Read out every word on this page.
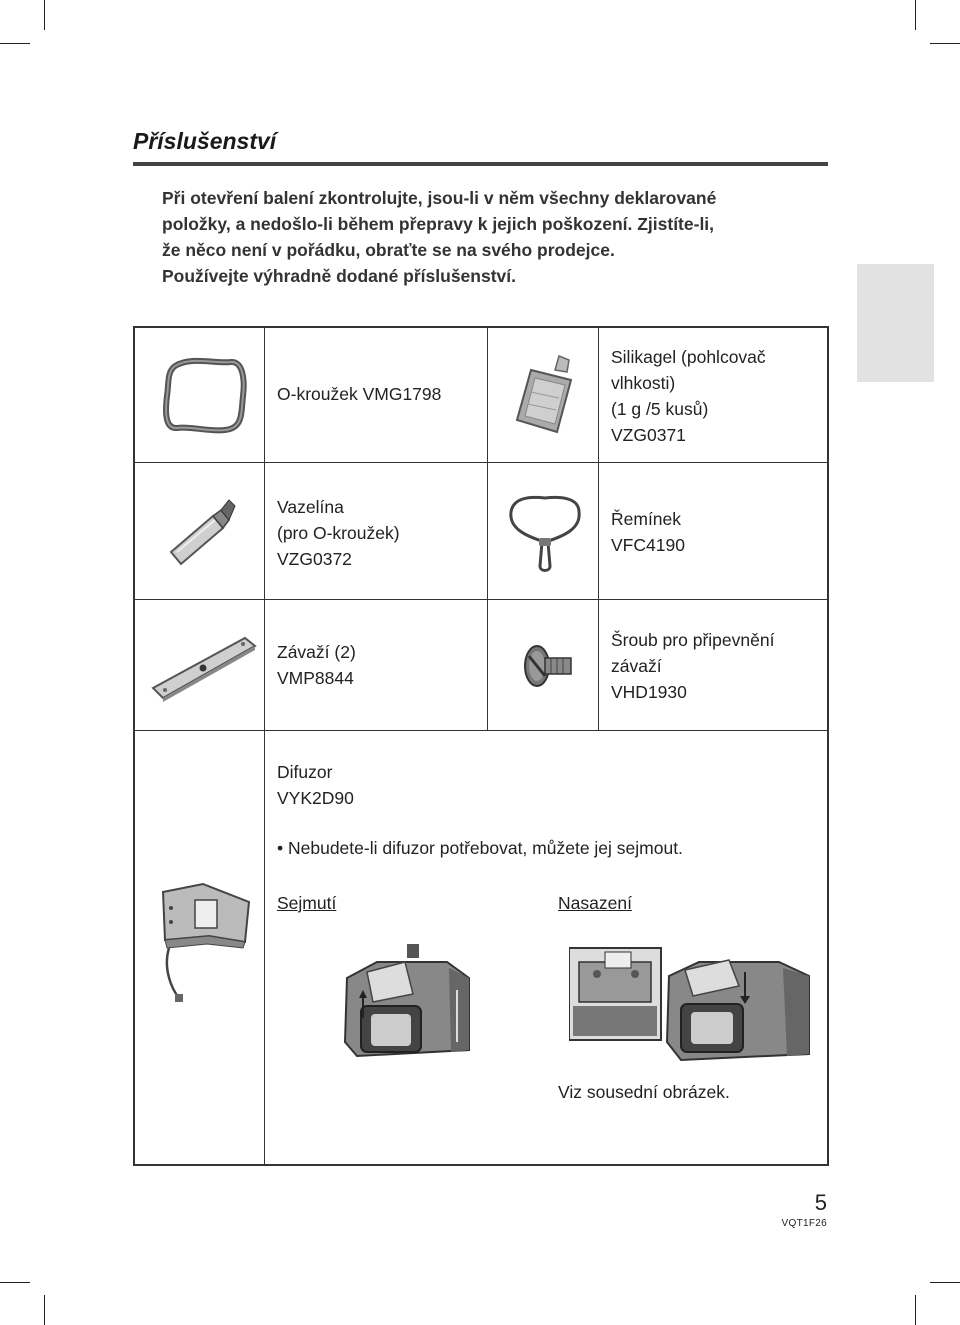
Příslušenství
Při otevření balení zkontrolujte, jsou-li v něm všechny deklarované
položky, a nedošlo-li během přepravy k jejich poškození. Zjistíte-li,
že něco není v pořádku, obraťte se na svého prodejce.
Používejte výhradně dodané příslušenství.
O-kroužek VMG1798
Silikagel (pohlcovač
vlhkosti)
(1 g /5 kusů)
VZG0371
Vazelína
(pro O-kroužek)
VZG0372
Řemínek
VFC4190
Závaží (2)
VMP8844
Šroub pro připevnění
závaží
VHD1930
Difuzor
VYK2D90
• Nebudete-li difuzor potřebovat, můžete jej sejmout.
Sejmutí	Nasazení
Viz sousední obrázek.
5
VQT1F26
